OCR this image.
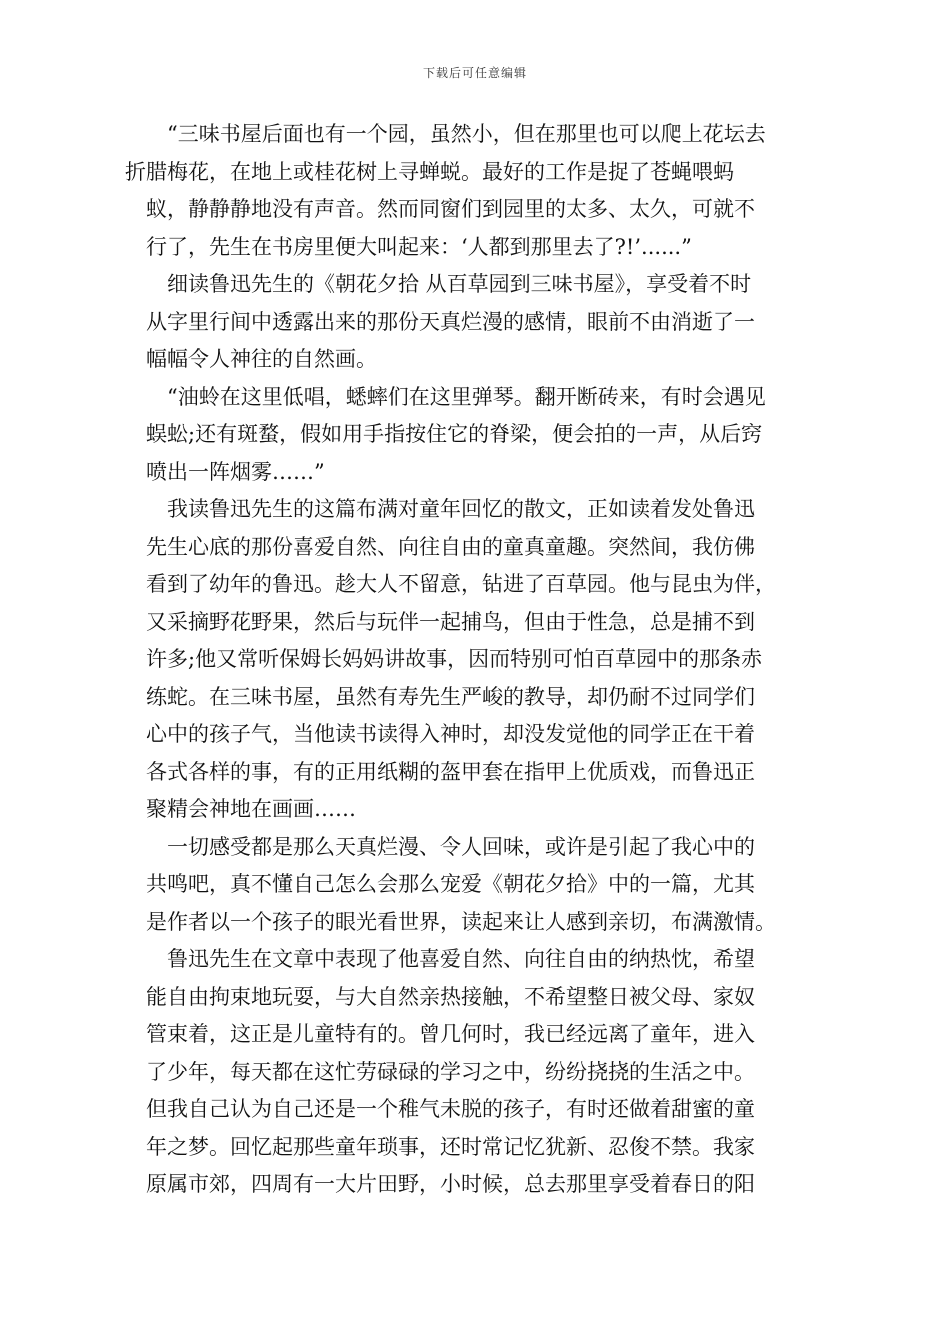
下载后可任意编辑

“三味书屋后面也有一个园，虽然小，但在那里也可以爬上花坛去
折腊梅花，在地上或桂花树上寻蝉蜕。最好的工作是捉了苍蝇喂蚂
蚁，静静静地没有声音。然而同窗们到园里的太多、太久，可就不
行了，先生在书房里便大叫起来：‘人都到那里去了?!’......”

细读鲁迅先生的《朝花夕拾 从百草园到三味书屋》，享受着不时
从字里行间中透露出来的那份天真烂漫的感情，眼前不由消逝了一
幅幅令人神往的自然画。

“油蛉在这里低唱，蟋蟀们在这里弹琴。翻开断砖来，有时会遇见
蜈蚣;还有斑蝥，假如用手指按住它的脊梁，便会拍的一声，从后窍
喷出一阵烟雾……”

我读鲁迅先生的这篇布满对童年回忆的散文，正如读着发处鲁迅
先生心底的那份喜爱自然、向往自由的童真童趣。突然间，我仿佛
看到了幼年的鲁迅。趁大人不留意，钻进了百草园。他与昆虫为伴，
又采摘野花野果，然后与玩伴一起捕鸟，但由于性急，总是捕不到
许多;他又常听保姆长妈妈讲故事，因而特别可怕百草园中的那条赤
练蛇。在三味书屋，虽然有寿先生严峻的教导，却仍耐不过同学们
心中的孩子气，当他读书读得入神时，却没发觉他的同学正在干着
各式各样的事，有的正用纸糊的盔甲套在指甲上优质戏，而鲁迅正
聚精会神地在画画……

一切感受都是那么天真烂漫、令人回味，或许是引起了我心中的
共鸣吧，真不懂自己怎么会那么宠爱《朝花夕拾》中的一篇，尤其
是作者以一个孩子的眼光看世界，读起来让人感到亲切，布满激情。

鲁迅先生在文章中表现了他喜爱自然、向往自由的纳热忱，希望
能自由拘束地玩耍，与大自然亲热接触，不希望整日被父母、家奴
管束着，这正是儿童特有的。曾几何时，我已经远离了童年，进入
了少年，每天都在这忙劳碌碌的学习之中，纷纷挠挠的生活之中。
但我自己认为自己还是一个稚气未脱的孩子，有时还做着甜蜜的童
年之梦。回忆起那些童年琐事，还时常记忆犹新、忍俊不禁。我家
原属市郊，四周有一大片田野，小时候，总去那里享受着春日的阳
